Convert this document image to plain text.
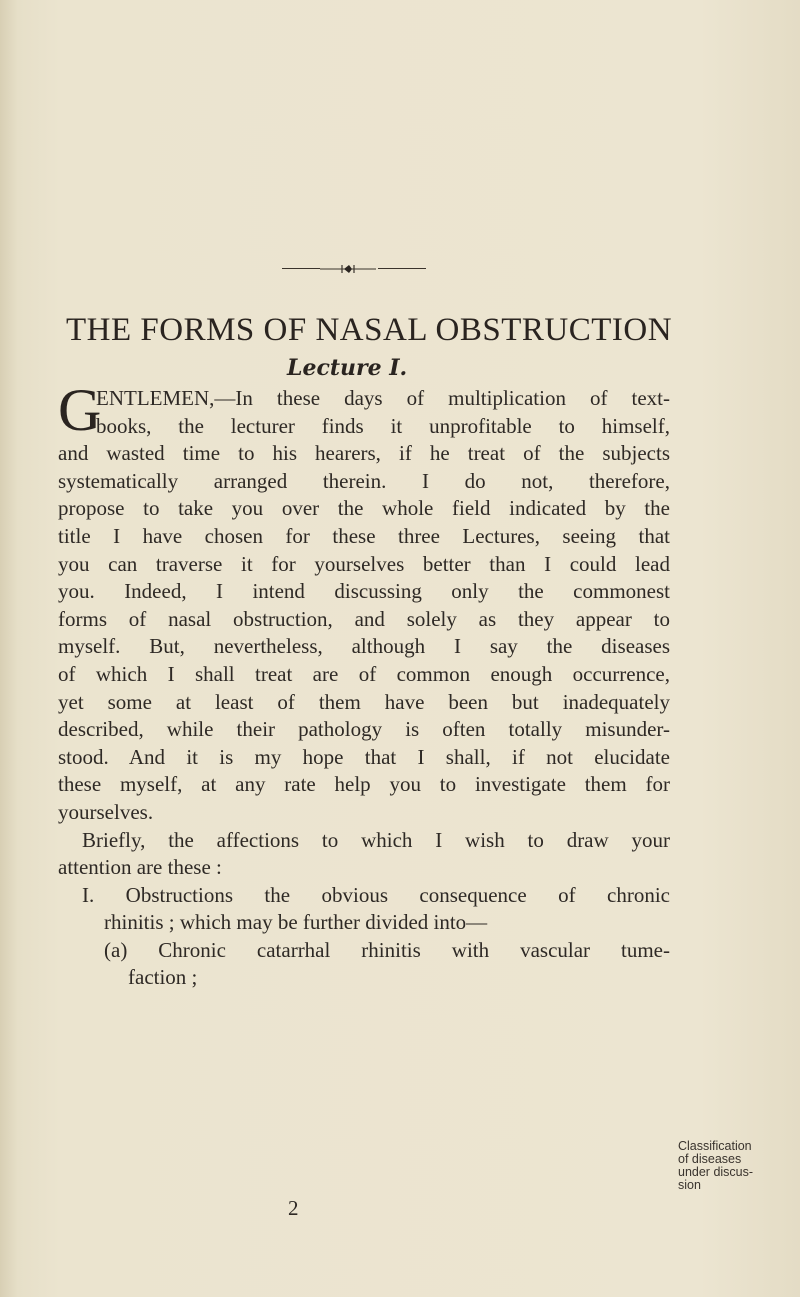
THE FORMS OF NASAL OBSTRUCTION
Lecture I.
G
ENTLEMEN,—In these days of multiplication of text-
books, the lecturer finds it unprofitable to himself,
and wasted time to his hearers, if he treat of the subjects
systematically arranged therein. I do not, therefore,
propose to take you over the whole field indicated by the
title I have chosen for these three Lectures, seeing that
you can traverse it for yourselves better than I could lead
you. Indeed, I intend discussing only the commonest
forms of nasal obstruction, and solely as they appear to
myself. But, nevertheless, although I say the diseases
of which I shall treat are of common enough occurrence,
yet some at least of them have been but inadequately
described, while their pathology is often totally misunder-
stood. And it is my hope that I shall, if not elucidate
these myself, at any rate help you to investigate them for
yourselves.
Briefly, the affections to which I wish to draw your
attention are these :
I. Obstructions the obvious consequence of chronic
rhinitis ; which may be further divided into—
(a) Chronic catarrhal rhinitis with vascular tume-
faction ;
Classification
of diseases
under discus-
sion
2
